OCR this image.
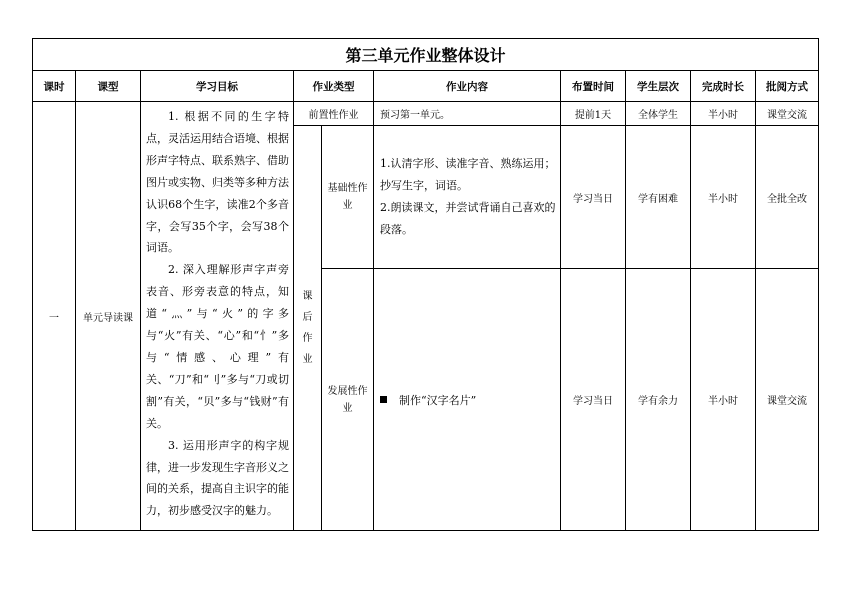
第三单元作业整体设计									
课时	课型	学习目标	作业类型		作业内容	布置时间	学生层次	完成时长	批阅方式
一	单元导读课	1. 根据不同的生字特点，灵活运用结合语境、根据形声字特点、联系熟字、借助图片或实物、归类等多种方法认识68个生字，读准2个多音字，会写35个字，会写38个词语。

2. 深入理解形声字声旁表音、形旁表意的特点，知道“灬”与“火”的字多与“火”有关、“心”和“忄”多与“情感、心理”有关、“刀”和“刂”多与“刀或切割”有关，“贝”多与“钱财”有关。

3. 运用形声字的构字规律，进一步发现生字音形义之间的关系，提高自主识字的能力，初步感受汉字的魅力。	前置性作业		预习第一单元。	提前1天	全体学生	半小时	课堂交流
			课后作业	基础性作业	1.认清字形、读准字音、熟练运用；抄写生字，词语。

2.朗读课文，并尝试背诵自己喜欢的段落。	学习当日	学有困难	半小时	全批全改
				发展性作业	制作“汉字名片”	学习当日	学有余力	半小时	课堂交流
